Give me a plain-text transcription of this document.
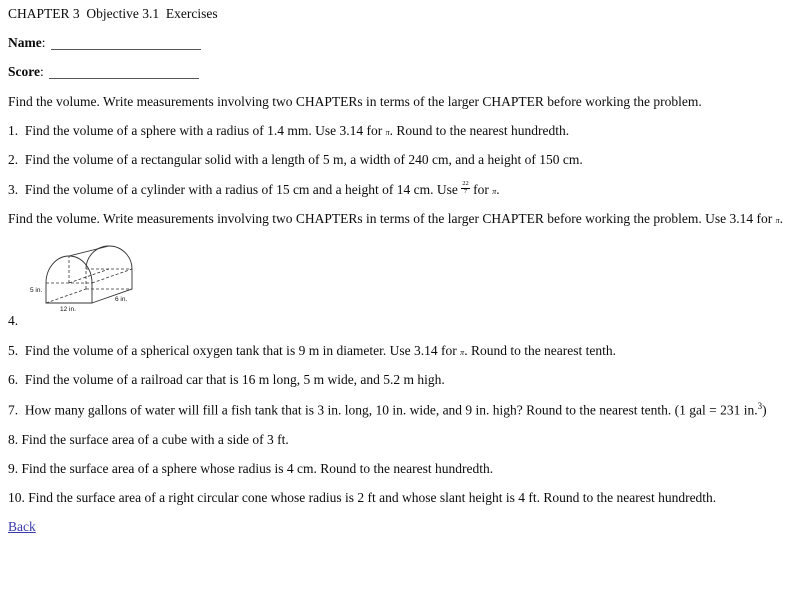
CHAPTER 3  Objective 3.1  Exercises

Name:

Score:

Find the volume. Write measurements involving two CHAPTERs in terms of the larger CHAPTER before working the problem.

1.  Find the volume of a sphere with a radius of 1.4 mm. Use 3.14 for π. Round to the nearest hundredth.

2.  Find the volume of a rectangular solid with a length of 5 m, a width of 240 cm, and a height of 150 cm.

3.  Find the volume of a cylinder with a radius of 15 cm and a height of 14 cm. Use $\frac{22}{7}$ for π.

Find the volume. Write measurements involving two CHAPTERs in terms of the larger CHAPTER before working the problem. Use 3.14 for π.

5 in.
12 in.
6 in.

4.

5.  Find the volume of a spherical oxygen tank that is 9 m in diameter. Use 3.14 for π. Round to the nearest tenth.

6.  Find the volume of a railroad car that is 16 m long, 5 m wide, and 5.2 m high.

7.  How many gallons of water will fill a fish tank that is 3 in. long, 10 in. wide, and 9 in. high? Round to the nearest tenth. (1 gal = 231 in.$^3$)

8. Find the surface area of a cube with a side of 3 ft.

9. Find the surface area of a sphere whose radius is 4 cm. Round to the nearest hundredth.

10. Find the surface area of a right circular cone whose radius is 2 ft and whose slant height is 4 ft. Round to the nearest hundredth.

Back
